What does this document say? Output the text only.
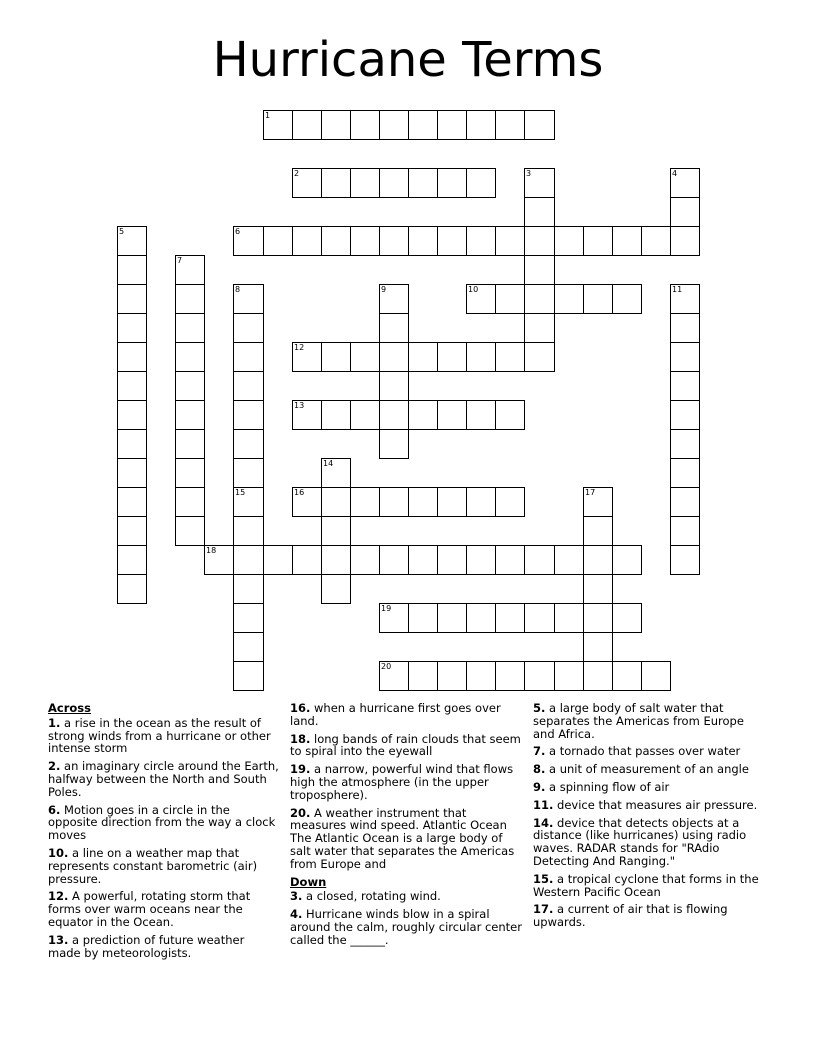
Hurricane Terms
1
2	3	4
5	6
7
8	9	10	11
12
13
14
15	16	17
18
19
20

Across

1. a rise in the ocean as the result of strong winds from a hurricane or other intense storm

2. an imaginary circle around the Earth, halfway between the North and South Poles.

6. Motion goes in a circle in the opposite direction from the way a clock moves

10. a line on a weather map that represents constant barometric (air) pressure.

12. A powerful, rotating storm that forms over warm oceans near the equator in the Ocean.

13. a prediction of future weather made by meteorologists.

16. when a hurricane first goes over land.

18. long bands of rain clouds that seem to spiral into the eyewall

19. a narrow, powerful wind that flows high the atmosphere (in the upper troposphere).

20. A weather instrument that measures wind speed. Atlantic Ocean The Atlantic Ocean is a large body of salt water that separates the Americas from Europe and

Down

3. a closed, rotating wind.

4. Hurricane winds blow in a spiral around the calm, roughly circular center called the ______.

5. a large body of salt water that separates the Americas from Europe and Africa.

7. a tornado that passes over water

8. a unit of measurement of an angle

9. a spinning flow of air

11. device that measures air pressure.

14. device that detects objects at a distance (like hurricanes) using radio waves. RADAR stands for "RAdio Detecting And Ranging."

15. a tropical cyclone that forms in the Western Pacific Ocean

17. a current of air that is flowing upwards.
